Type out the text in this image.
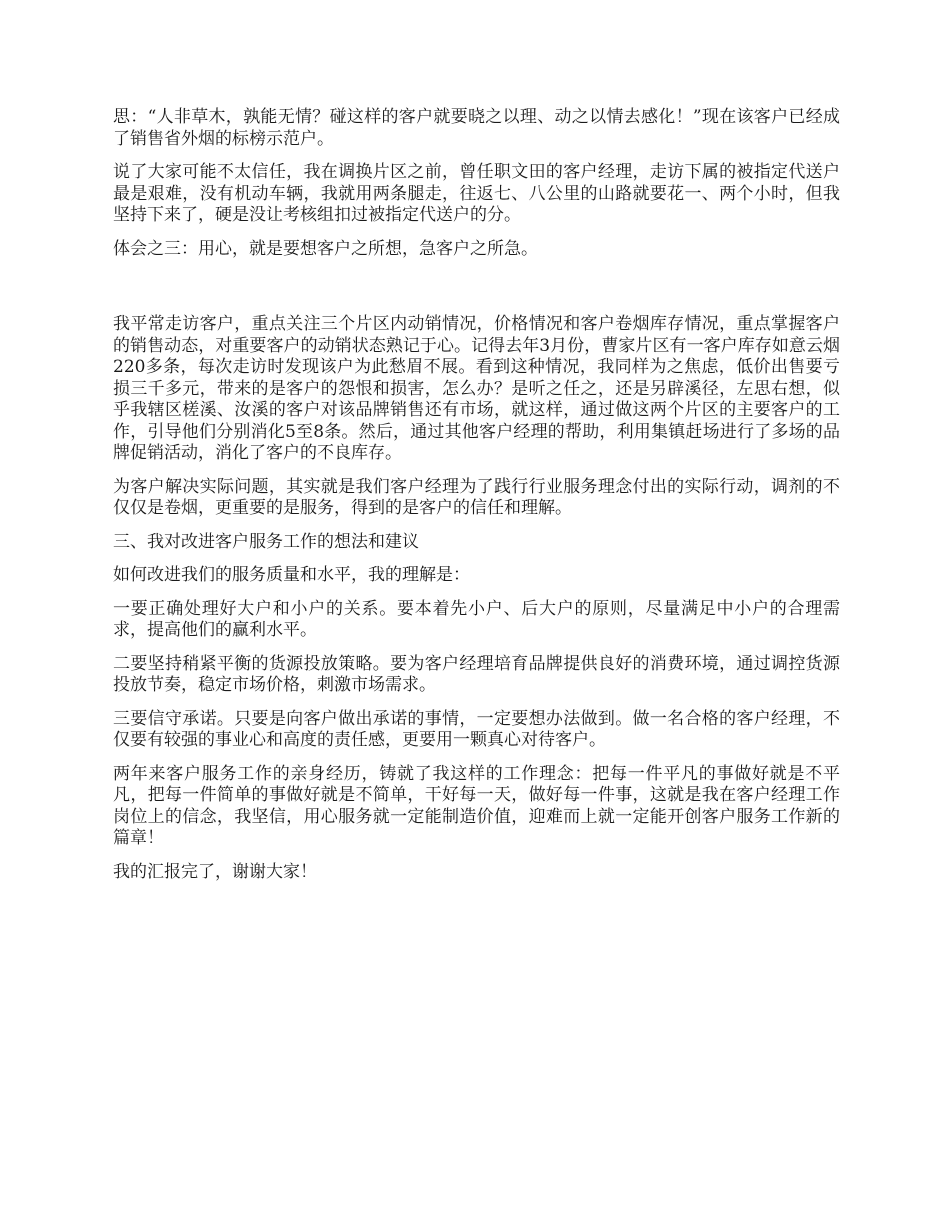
思：“人非草木，孰能无情？碰这样的客户就要晓之以理、动之以情去感化！”现在该客户已经成了销售省外烟的标榜示范户。

说了大家可能不太信任，我在调换片区之前，曾任职文田的客户经理，走访下属的被指定代送户最是艰难，没有机动车辆，我就用两条腿走，往返七、八公里的山路就要花一、两个小时，但我坚持下来了，硬是没让考核组扣过被指定代送户的分。

体会之三：用心，就是要想客户之所想，急客户之所急。

我平常走访客户，重点关注三个片区内动销情况，价格情况和客户卷烟库存情况，重点掌握客户的销售动态，对重要客户的动销状态熟记于心。记得去年3月份，曹家片区有一客户库存如意云烟220多条，每次走访时发现该户为此愁眉不展。看到这种情况，我同样为之焦虑，低价出售要亏损三千多元，带来的是客户的怨恨和损害，怎么办？是听之任之，还是另辟溪径，左思右想，似乎我辖区槎溪、汝溪的客户对该品牌销售还有市场，就这样，通过做这两个片区的主要客户的工作，引导他们分别消化5至8条。然后，通过其他客户经理的帮助，利用集镇赶场进行了多场的品牌促销活动，消化了客户的不良库存。

为客户解决实际问题，其实就是我们客户经理为了践行行业服务理念付出的实际行动，调剂的不仅仅是卷烟，更重要的是服务，得到的是客户的信任和理解。

三、我对改进客户服务工作的想法和建议

如何改进我们的服务质量和水平，我的理解是：

一要正确处理好大户和小户的关系。要本着先小户、后大户的原则，尽量满足中小户的合理需求，提高他们的赢利水平。

二要坚持稍紧平衡的货源投放策略。要为客户经理培育品牌提供良好的消费环境，通过调控货源投放节奏，稳定市场价格，刺激市场需求。

三要信守承诺。只要是向客户做出承诺的事情，一定要想办法做到。做一名合格的客户经理，不仅要有较强的事业心和高度的责任感，更要用一颗真心对待客户。

两年来客户服务工作的亲身经历，铸就了我这样的工作理念：把每一件平凡的事做好就是不平凡，把每一件简单的事做好就是不简单，干好每一天，做好每一件事，这就是我在客户经理工作岗位上的信念，我坚信，用心服务就一定能制造价值，迎难而上就一定能开创客户服务工作新的篇章！

我的汇报完了，谢谢大家！
